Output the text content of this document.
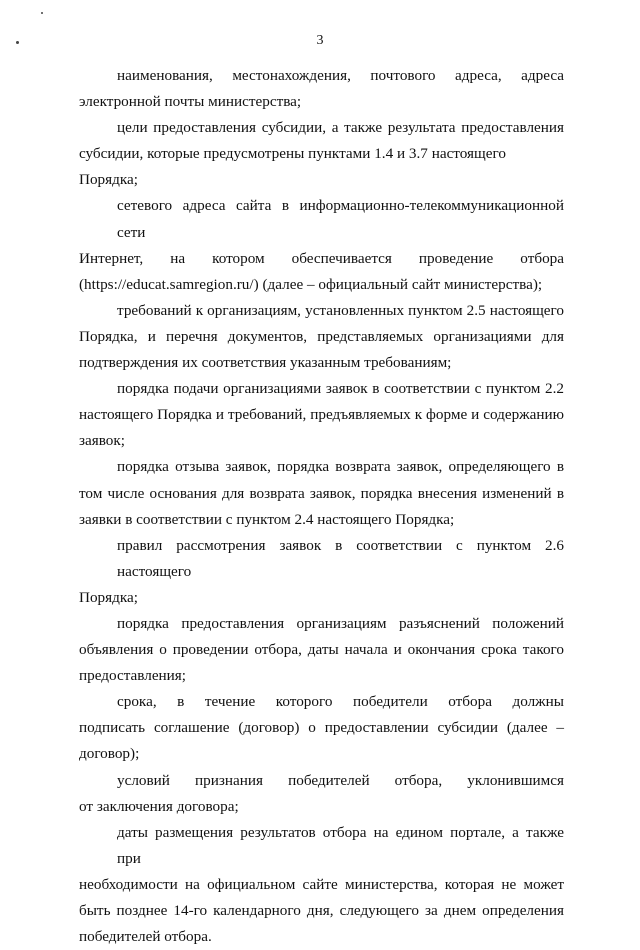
3
наименования, местонахождения, почтового адреса, адреса
электронной почты министерства;
цели предоставления субсидии, а также результата предоставления
субсидии, которые предусмотрены пунктами 1.4 и 3.7 настоящего Порядка;
сетевого адреса сайта в информационно-телекоммуникационной сети
Интернет, на котором обеспечивается проведение отбора
(https://educat.samregion.ru/) (далее – официальный сайт министерства);
требований к организациям, установленных пунктом 2.5 настоящего
Порядка, и перечня документов, представляемых организациями для
подтверждения их соответствия указанным требованиям;
порядка подачи организациями заявок в соответствии с пунктом 2.2
настоящего Порядка и требований, предъявляемых к форме и содержанию
заявок;
порядка отзыва заявок, порядка возврата заявок, определяющего в
том числе основания для возврата заявок, порядка внесения изменений в
заявки в соответствии с пунктом 2.4 настоящего Порядка;
правил рассмотрения заявок в соответствии с пунктом 2.6 настоящего
Порядка;
порядка предоставления организациям разъяснений положений
объявления о проведении отбора, даты начала и окончания срока такого
предоставления;
срока, в течение которого победители отбора должны
подписать соглашение (договор) о предоставлении субсидии (далее –
договор);
условий признания победителей отбора, уклонившимся
от заключения договора;
даты размещения результатов отбора на едином портале, а также при
необходимости на официальном сайте министерства, которая не может
быть позднее 14-го календарного дня, следующего за днем определения
победителей отбора.
